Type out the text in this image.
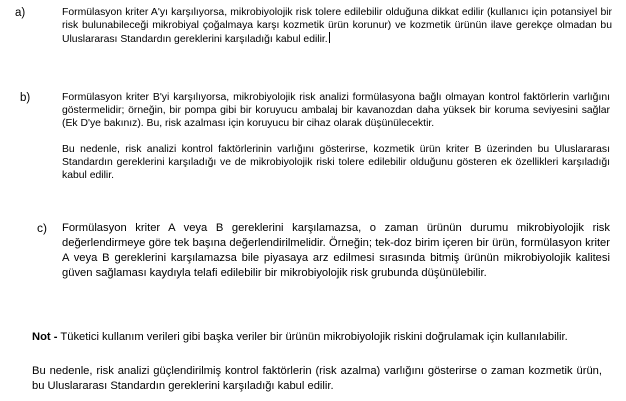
a)	Formülasyon kriter A'yı karşılıyorsa, mikrobiyolojik risk tolere edilebilir olduğuna dikkat edilir (kullanıcı için potansiyel bir risk bulunabileceği mikrobiyal çoğalmaya karşı kozmetik ürün korunur) ve kozmetik ürünün ilave gerekçe olmadan bu Uluslararası Standardın gereklerini karşıladığı kabul edilir.

b)	Formülasyon kriter B'yi karşılıyorsa, mikrobiyolojik risk analizi formülasyona bağlı olmayan kontrol faktörlerin varlığını göstermelidir; örneğin, bir pompa gibi bir koruyucu ambalaj bir kavanozdan daha yüksek bir koruma seviyesini sağlar (Ek D'ye bakınız). Bu, risk azalması için koruyucu bir cihaz olarak düşünülecektir.

Bu nedenle, risk analizi kontrol faktörlerinin varlığını gösterirse, kozmetik ürün kriter B üzerinden bu Uluslararası Standardın gereklerini karşıladığı ve de mikrobiyolojik riski tolere edilebilir olduğunu gösteren ek özellikleri karşıladığı kabul edilir.

c) Formülasyon kriter A veya B gereklerini karşılamazsa, o zaman ürünün durumu mikrobiyolojik risk değerlendirmeye göre tek başına değerlendirilmelidir. Örneğin; tek-doz birim içeren bir ürün, formülasyon kriter A veya B gereklerini karşılamazsa bile piyasaya arz edilmesi sırasında bitmiş ürünün mikrobiyolojik kalitesi güven sağlaması kaydıyla telafi edilebilir bir mikrobiyolojik risk grubunda düşünülebilir.

Not - Tüketici kullanım verileri gibi başka veriler bir ürünün mikrobiyolojik riskini doğrulamak için kullanılabilir.
Bu nedenle, risk analizi güçlendirilmiş kontrol faktörlerin (risk azalma) varlığını gösterirse o zaman kozmetik ürün, bu Uluslararası Standardın gereklerini karşıladığı kabul edilir.
